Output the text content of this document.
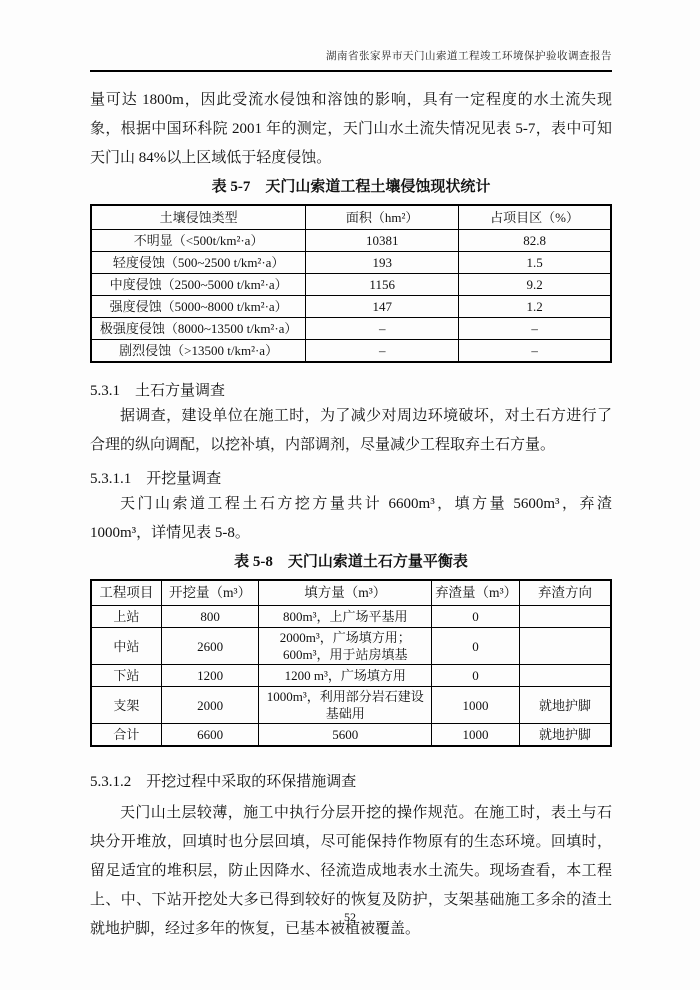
湖南省张家界市天门山索道工程竣工环境保护验收调查报告

量可达 1800m，因此受流水侵蚀和溶蚀的影响，具有一定程度的水土流失现象，根据中国环科院 2001 年的测定，天门山水土流失情况见表 5-7，表中可知天门山 84%以上区域低于轻度侵蚀。

表 5-7　天门山索道工程土壤侵蚀现状统计
土壤侵蚀类型	面积（hm²）	占项目区（%）
不明显（<500t/km²·a）	10381	82.8
轻度侵蚀（500~2500 t/km²·a）	193	1.5
中度侵蚀（2500~5000 t/km²·a）	1156	9.2
强度侵蚀（5000~8000 t/km²·a）	147	1.2
极强度侵蚀（8000~13500 t/km²·a）	–	–
剧烈侵蚀（>13500 t/km²·a）	–	–
5.3.1　土石方量调查

据调查，建设单位在施工时，为了减少对周边环境破坏，对土石方进行了合理的纵向调配，以挖补填，内部调剂，尽量减少工程取弃土石方量。

5.3.1.1　开挖量调查

天门山索道工程土石方挖方量共计 6600m³，填方量 5600m³，弃渣 1000m³，详情见表 5-8。

表 5-8　天门山索道土石方量平衡表
工程项目	开挖量（m³）	填方量（m³）	弃渣量（m³）	弃渣方向
上站	800	800m³，上广场平基用	0	
中站	2600	2000m³，广场填方用；600m³，用于站房填基	0	
下站	1200	1200 m³，广场填方用	0	
支架	2000	1000m³，利用部分岩石建设基础用	1000	就地护脚
合计	6600	5600	1000	就地护脚
5.3.1.2　开挖过程中采取的环保措施调查

天门山土层较薄，施工中执行分层开挖的操作规范。在施工时，表土与石块分开堆放，回填时也分层回填，尽可能保持作物原有的生态环境。回填时，留足适宜的堆积层，防止因降水、径流造成地表水土流失。现场查看，本工程上、中、下站开挖处大多已得到较好的恢复及防护，支架基础施工多余的渣土就地护脚，经过多年的恢复，已基本被植被覆盖。

52
